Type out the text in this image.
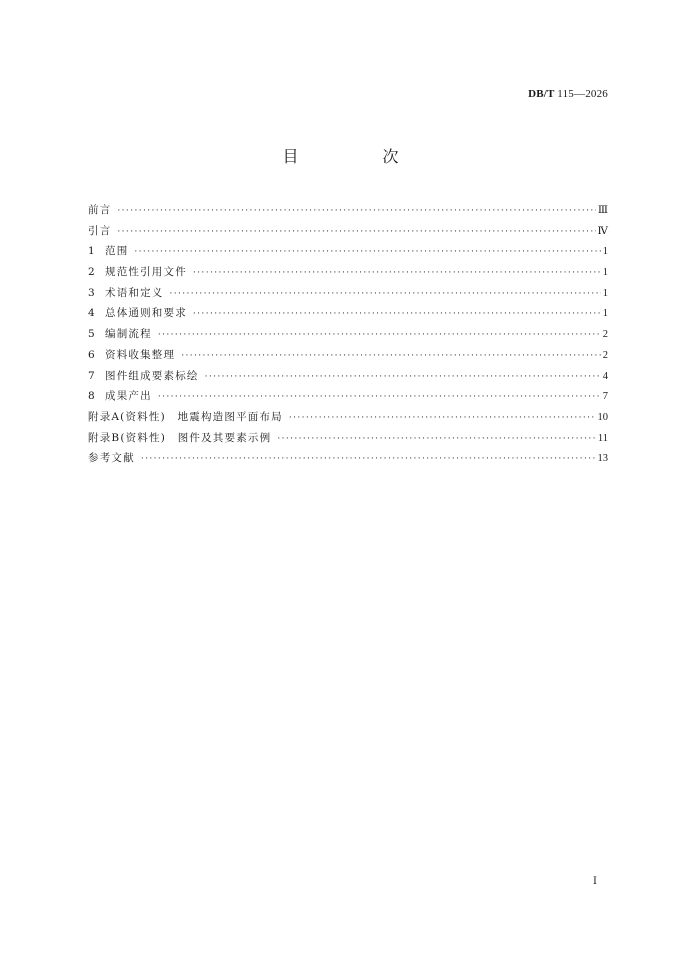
DB/T 115—2026
目　次
前言 ·····	Ⅲ
引言 ·····	Ⅳ
1 范围 ·····	1
2 规范性引用文件 ·····	1
3 术语和定义 ·····	1
4 总体通则和要求 ·····	1
5 编制流程 ·····	2
6 资料收集整理 ·····	2
7 图件组成要素标绘 ·····	4
8 成果产出 ·····	7
附录A(资料性)　地震构造图平面布局 ·····	10
附录B(资料性)　图件及其要素示例 ·····	11
参考文献 ·····	13
Ⅰ
